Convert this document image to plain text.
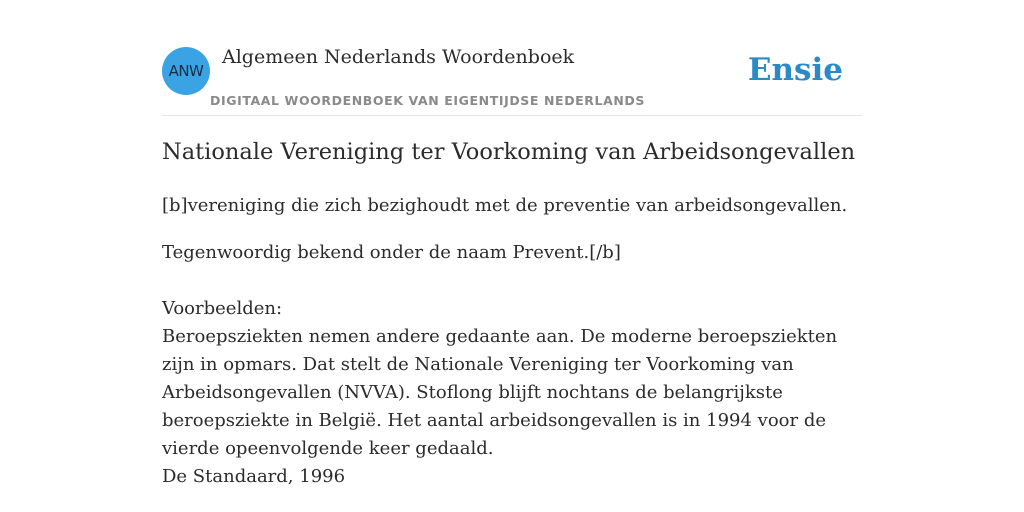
ANW
Algemeen Nederlands Woordenboek
DIGITAAL WOORDENBOEK VAN EIGENTIJDSE NEDERLANDS
Ensie
Nationale Vereniging ter Voorkoming van Arbeidsongevallen

[b]vereniging die zich bezighoudt met de preventie van arbeidsongevallen.

Tegenwoordig bekend onder de naam Prevent.[/b]

Voorbeelden:

Beroepsziekten nemen andere gedaante aan. De moderne beroepsziekten zijn in opmars. Dat stelt de Nationale Vereniging ter Voorkoming van Arbeidsongevallen (NVVA). Stoflong blijft nochtans de belangrijkste beroepsziekte in België. Het aantal arbeidsongevallen is in 1994 voor de vierde opeenvolgende keer gedaald.

De Standaard, 1996
